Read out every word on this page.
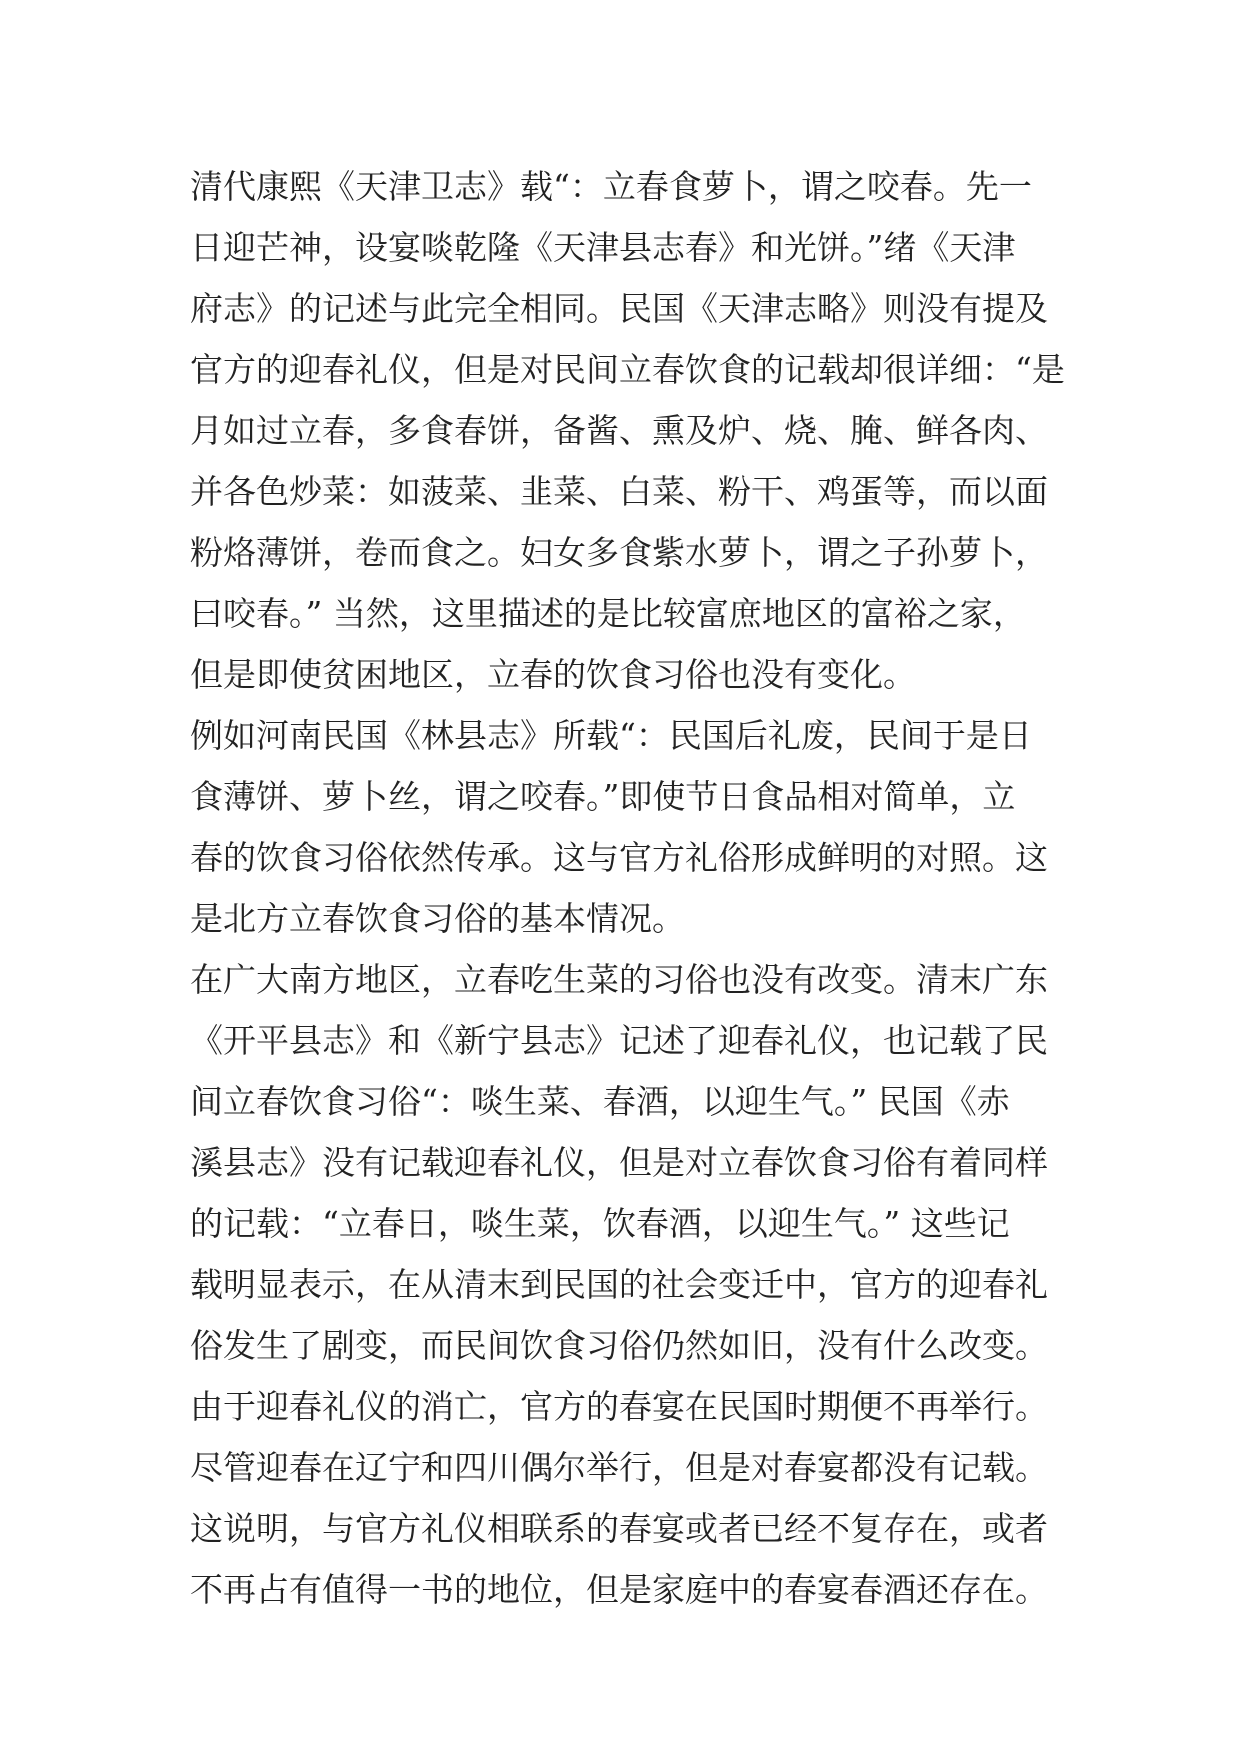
清代康熙《天津卫志》载“：立春食萝卜，谓之咬春。先一
日迎芒神，设宴啖乾隆《天津县志春》和光饼。”绪《天津
府志》的记述与此完全相同。民国《天津志略》则没有提及
官方的迎春礼仪，但是对民间立春饮食的记载却很详细：“是
月如过立春，多食春饼，备酱、熏及炉、烧、腌、鲜各肉、
并各色炒菜：如菠菜、韭菜、白菜、粉干、鸡蛋等，而以面
粉烙薄饼，卷而食之。妇女多食紫水萝卜，谓之子孙萝卜，
曰咬春。” 当然，这里描述的是比较富庶地区的富裕之家，
但是即使贫困地区，立春的饮食习俗也没有变化。
例如河南民国《林县志》所载“：民国后礼废，民间于是日
食薄饼、萝卜丝，谓之咬春。”即使节日食品相对简单，立
春的饮食习俗依然传承。这与官方礼俗形成鲜明的对照。这
是北方立春饮食习俗的基本情况。
在广大南方地区，立春吃生菜的习俗也没有改变。清末广东
《开平县志》和《新宁县志》记述了迎春礼仪，也记载了民
间立春饮食习俗“：啖生菜、春酒，以迎生气。” 民国《赤
溪县志》没有记载迎春礼仪，但是对立春饮食习俗有着同样
的记载：“立春日，啖生菜，饮春酒，以迎生气。” 这些记
载明显表示，在从清末到民国的社会变迁中，官方的迎春礼
俗发生了剧变，而民间饮食习俗仍然如旧，没有什么改变。
由于迎春礼仪的消亡，官方的春宴在民国时期便不再举行。
尽管迎春在辽宁和四川偶尔举行，但是对春宴都没有记载。
这说明，与官方礼仪相联系的春宴或者已经不复存在，或者
不再占有值得一书的地位，但是家庭中的春宴春酒还存在。
